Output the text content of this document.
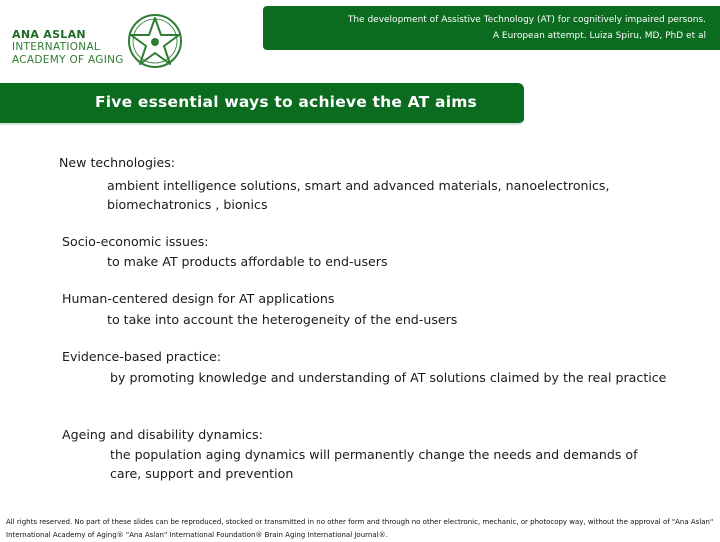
ANA ASLAN
INTERNATIONAL
ACADEMY OF AGING
The development of Assistive Technology (AT) for cognitively impaired persons.
A European attempt. Luiza Spiru, MD, PhD et al
Five essential ways to achieve the AT aims
New technologies:
ambient intelligence solutions, smart and advanced materials, nanoelectronics, biomechatronics , bionics
Socio-economic issues:
to make AT products affordable to end-users
Human-centered design for AT applications
to take into account the heterogeneity of the end-users
Evidence-based practice:
by promoting knowledge and understanding of AT solutions claimed by the real practice
Ageing and disability dynamics:
the population aging dynamics will permanently change the needs and demands of care, support and prevention
All rights reserved. No part of these slides can be reproduced, stocked or transmitted in no other form and through no other electronic, mechanic, or photocopy way, without the approval of "Ana Aslan" International Academy of Aging® "Ana Aslan" International Foundation® Brain Aging International Journal®.
